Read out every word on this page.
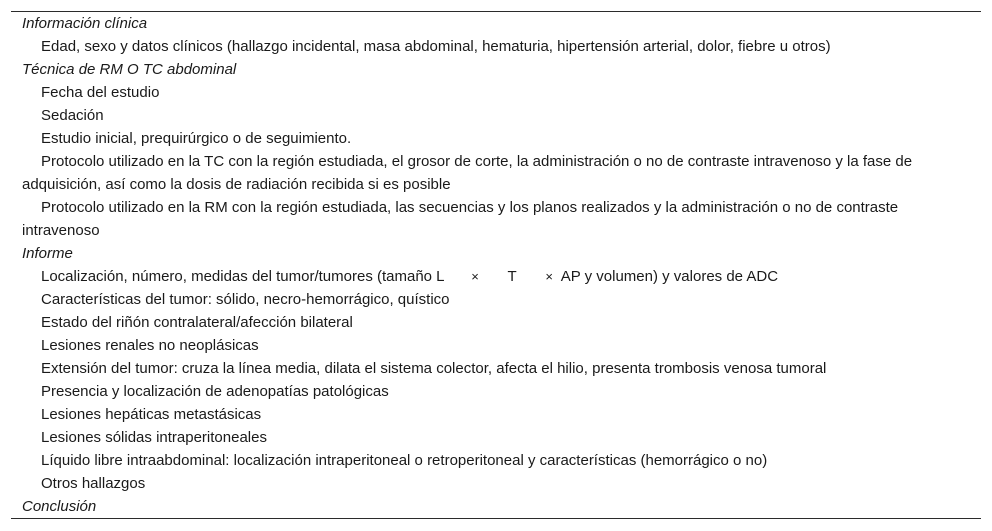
Información clínica
Edad, sexo y datos clínicos (hallazgo incidental, masa abdominal, hematuria, hipertensión arterial, dolor, fiebre u otros)
Técnica de RM O TC abdominal
Fecha del estudio
Sedación
Estudio inicial, prequirúrgico o de seguimiento.
Protocolo utilizado en la TC con la región estudiada, el grosor de corte, la administración o no de contraste intravenoso y la fase de adquisición, así como la dosis de radiación recibida si es posible
Protocolo utilizado en la RM con la región estudiada, las secuencias y los planos realizados y la administración o no de contraste intravenoso
Informe
Localización, número, medidas del tumor/tumores (tamaño L × T × AP y volumen) y valores de ADC
Características del tumor: sólido, necro-hemorrágico, quístico
Estado del riñón contralateral/afección bilateral
Lesiones renales no neoplásicas
Extensión del tumor: cruza la línea media, dilata el sistema colector, afecta el hilio, presenta trombosis venosa tumoral
Presencia y localización de adenopatías patológicas
Lesiones hepáticas metastásicas
Lesiones sólidas intraperitoneales
Líquido libre intraabdominal: localización intraperitoneal o retroperitoneal y características (hemorrágico o no)
Otros hallazgos
Conclusión
